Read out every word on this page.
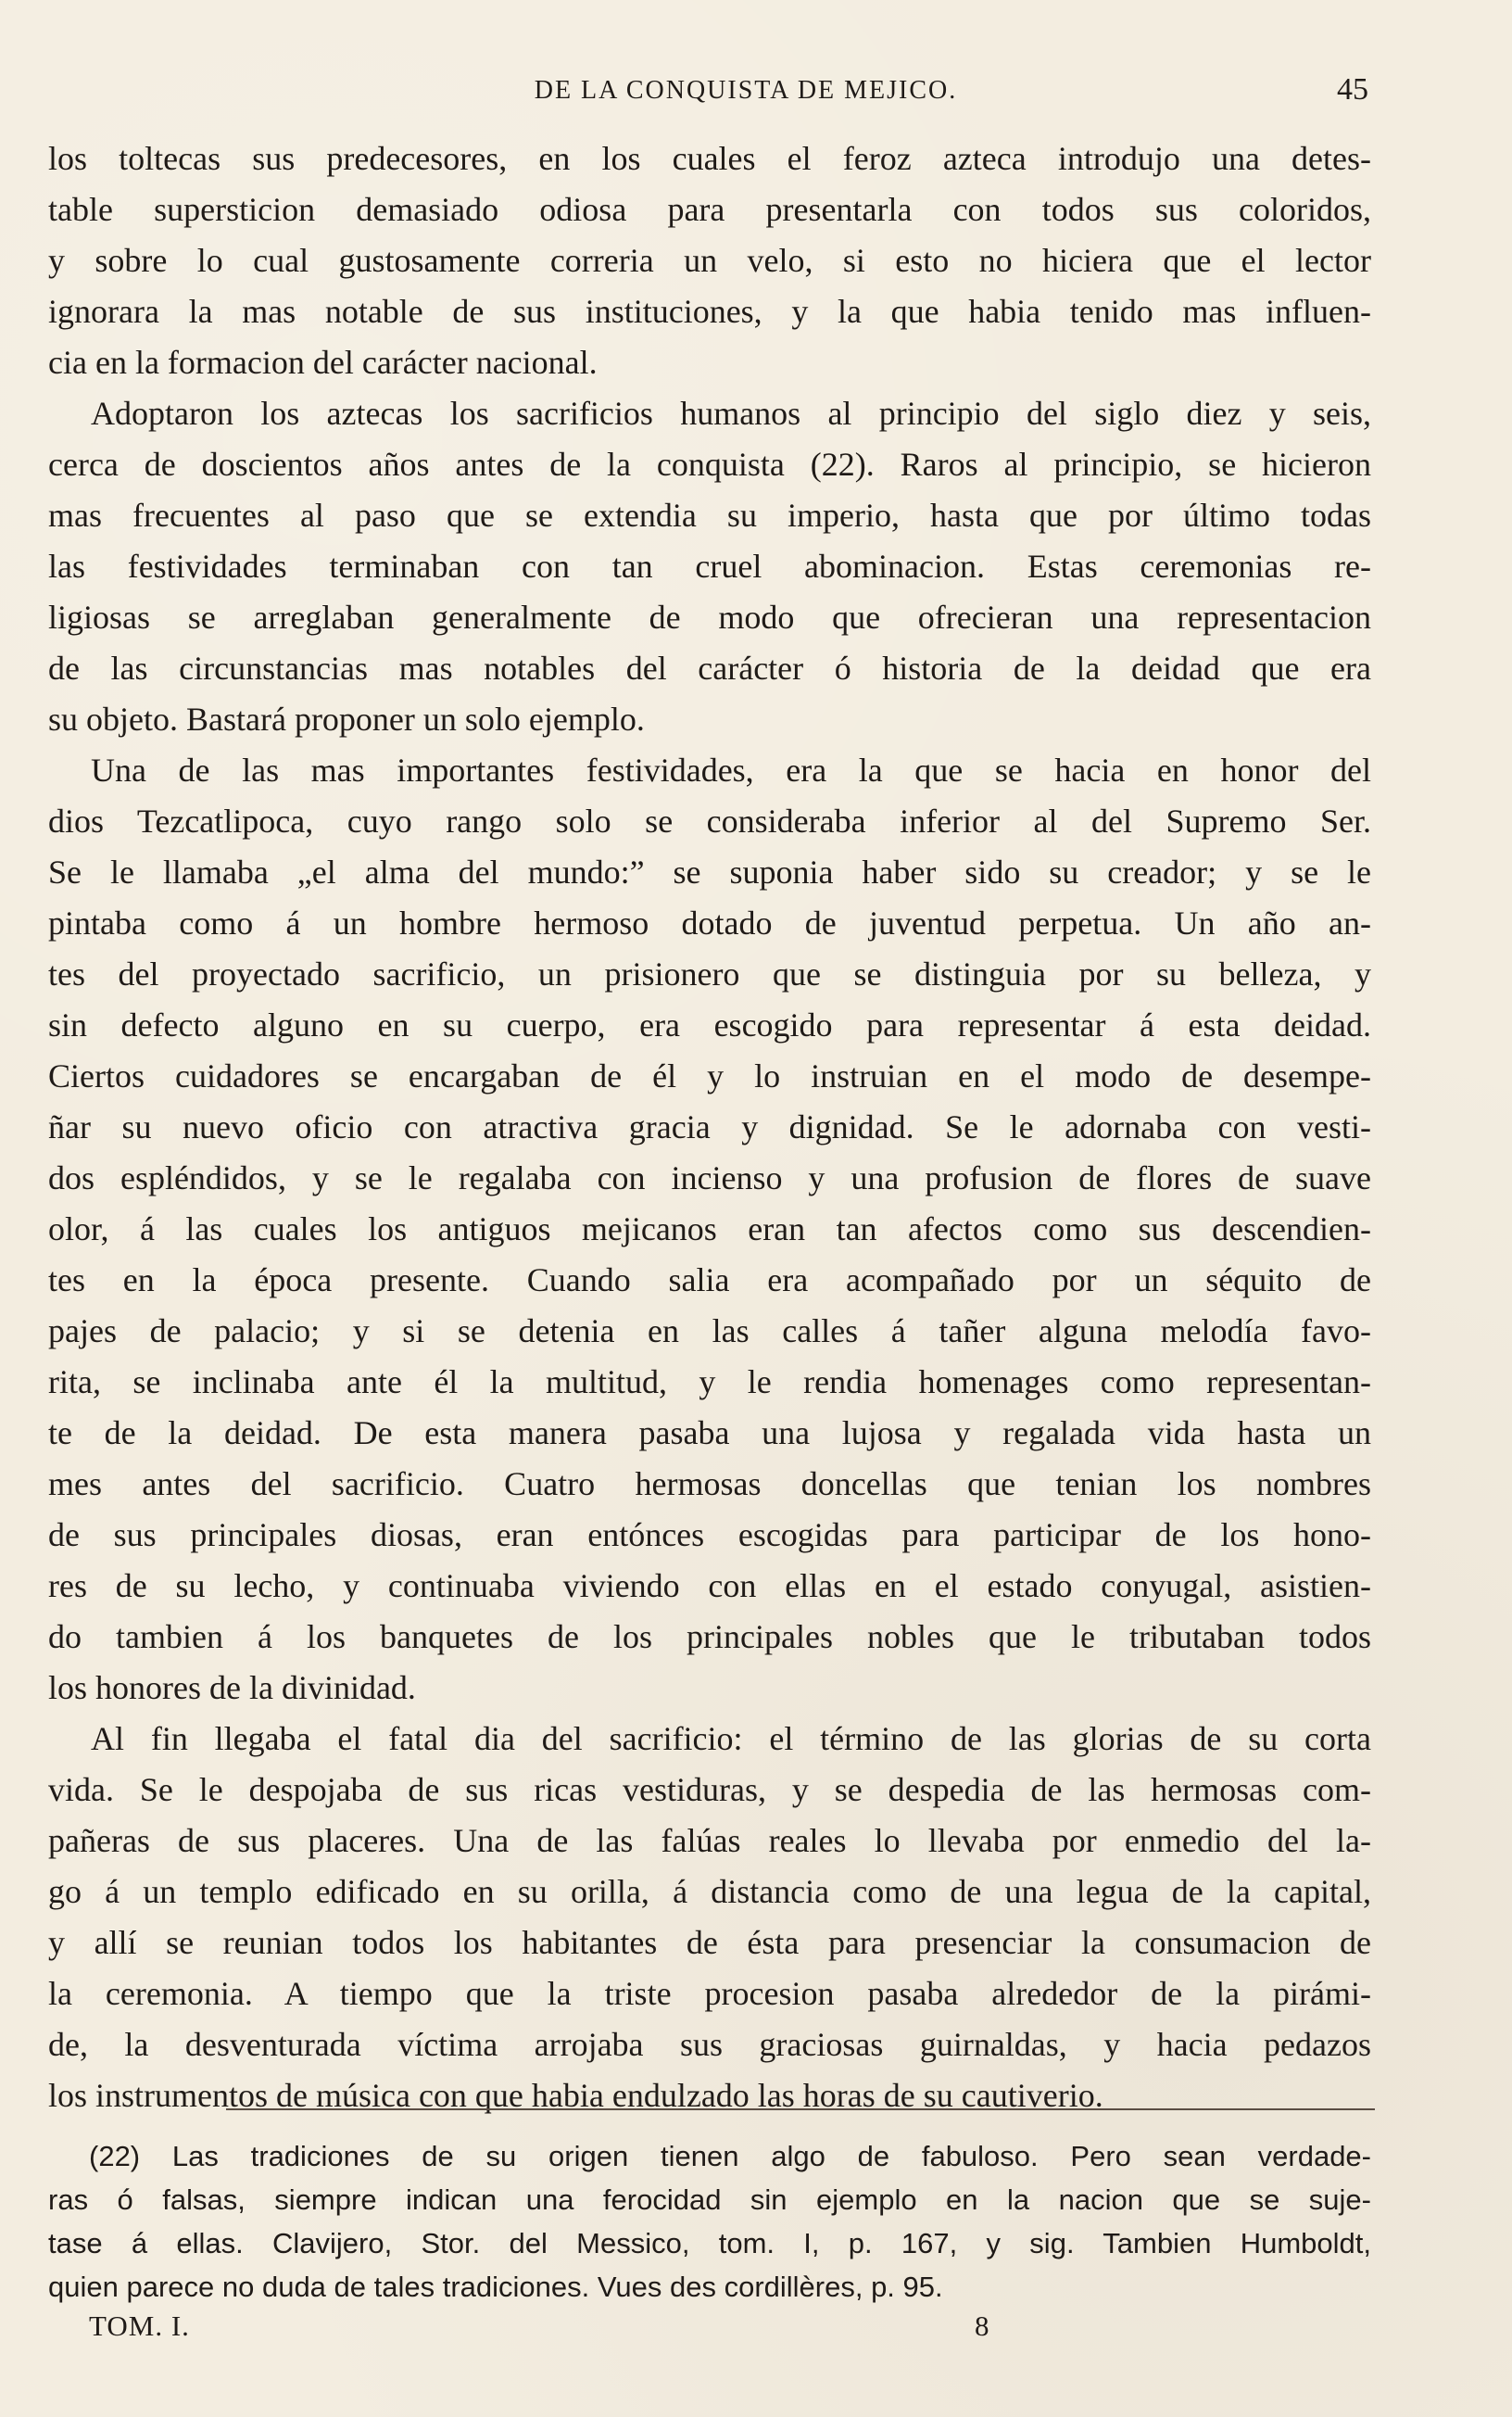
DE LA CONQUISTA DE MEJICO.	45
los toltecas sus predecesores, en los cuales el feroz azteca introdujo una detes-
table supersticion demasiado odiosa para presentarla con todos sus coloridos,
y sobre lo cual gustosamente correria un velo, si esto no hiciera que el lector
ignorara la mas notable de sus instituciones, y la que habia tenido mas influen-
cia en la formacion del carácter nacional.
Adoptaron los aztecas los sacrificios humanos al principio del siglo diez y seis,
cerca de doscientos años antes de la conquista (22). Raros al principio, se hicieron
mas frecuentes al paso que se extendia su imperio, hasta que por último todas
las festividades terminaban con tan cruel abominacion. Estas ceremonias re-
ligiosas se arreglaban generalmente de modo que ofrecieran una representacion
de las circunstancias mas notables del carácter ó historia de la deidad que era
su objeto. Bastará proponer un solo ejemplo.
Una de las mas importantes festividades, era la que se hacia en honor del
dios Tezcatlipoca, cuyo rango solo se consideraba inferior al del Supremo Ser.
Se le llamaba „el alma del mundo:” se suponia haber sido su creador; y se le
pintaba como á un hombre hermoso dotado de juventud perpetua. Un año an-
tes del proyectado sacrificio, un prisionero que se distinguia por su belleza, y
sin defecto alguno en su cuerpo, era escogido para representar á esta deidad.
Ciertos cuidadores se encargaban de él y lo instruian en el modo de desempe-
ñar su nuevo oficio con atractiva gracia y dignidad. Se le adornaba con vesti-
dos espléndidos, y se le regalaba con incienso y una profusion de flores de suave
olor, á las cuales los antiguos mejicanos eran tan afectos como sus descendien-
tes en la época presente. Cuando salia era acompañado por un séquito de
pajes de palacio; y si se detenia en las calles á tañer alguna melodía favo-
rita, se inclinaba ante él la multitud, y le rendia homenages como representan-
te de la deidad. De esta manera pasaba una lujosa y regalada vida hasta un
mes antes del sacrificio. Cuatro hermosas doncellas que tenian los nombres
de sus principales diosas, eran entónces escogidas para participar de los hono-
res de su lecho, y continuaba viviendo con ellas en el estado conyugal, asistien-
do tambien á los banquetes de los principales nobles que le tributaban todos
los honores de la divinidad.
Al fin llegaba el fatal dia del sacrificio: el término de las glorias de su corta
vida. Se le despojaba de sus ricas vestiduras, y se despedia de las hermosas com-
pañeras de sus placeres. Una de las falúas reales lo llevaba por enmedio del la-
go á un templo edificado en su orilla, á distancia como de una legua de la capital,
y allí se reunian todos los habitantes de ésta para presenciar la consumacion de
la ceremonia. A tiempo que la triste procesion pasaba alrededor de la pirámi-
de, la desventurada víctima arrojaba sus graciosas guirnaldas, y hacia pedazos
los instrumentos de música con que habia endulzado las horas de su cautiverio.
(22) Las tradiciones de su origen tienen algo de fabuloso. Pero sean verdade-
ras ó falsas, siempre indican una ferocidad sin ejemplo en la nacion que se suje-
tase á ellas. Clavijero, Stor. del Messico, tom. I, p. 167, y sig. Tambien Humboldt,
quien parece no duda de tales tradiciones. Vues des cordillères, p. 95.
TOM. I.	8
